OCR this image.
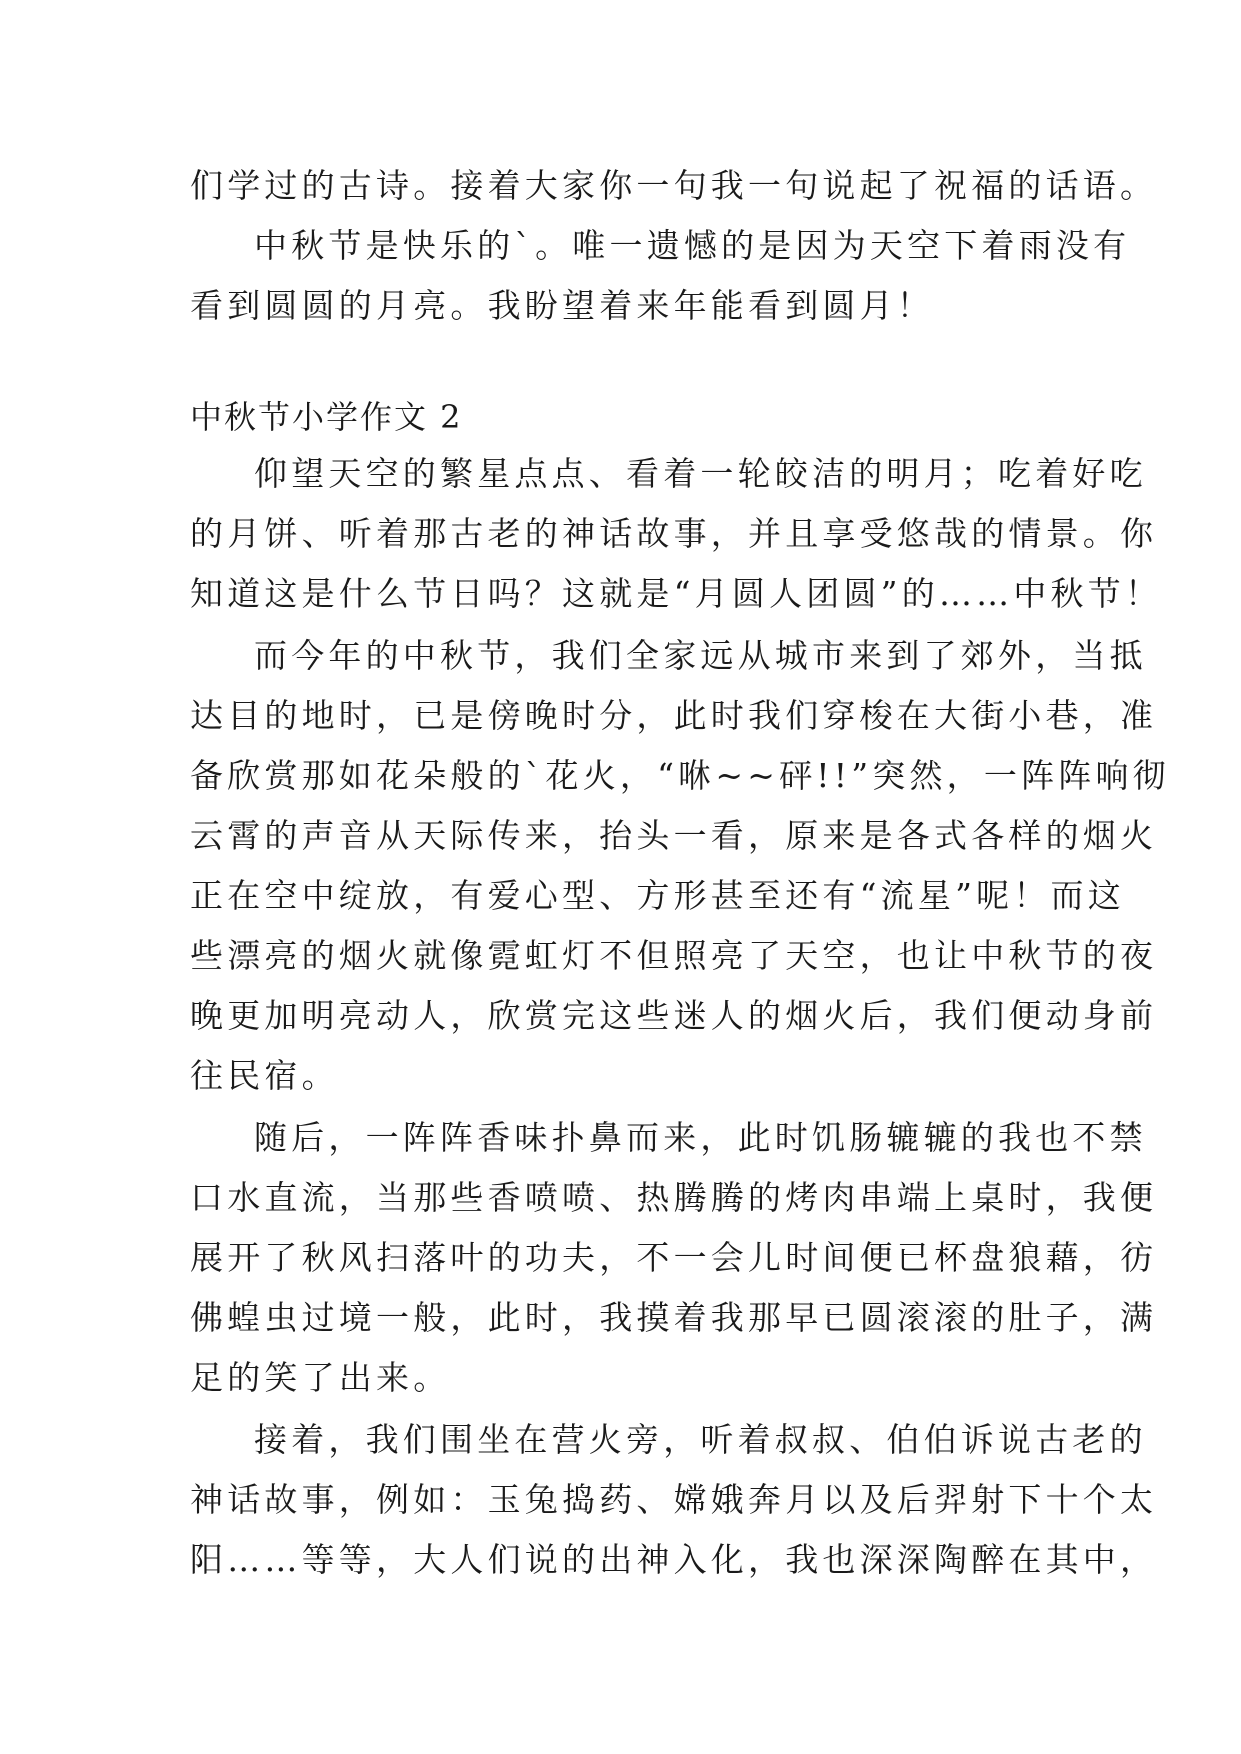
们学过的古诗。接着大家你一句我一句说起了祝福的话语。
中秋节是快乐的`。唯一遗憾的是因为天空下着雨没有
看到圆圆的月亮。我盼望着来年能看到圆月！
中秋节小学作文 2
仰望天空的繁星点点、看着一轮皎洁的明月；吃着好吃
的月饼、听着那古老的神话故事，并且享受悠哉的情景。你
知道这是什么节日吗？这就是“月圆人团圆”的……中秋节！
而今年的中秋节，我们全家远从城市来到了郊外，当抵
达目的地时，已是傍晚时分，此时我们穿梭在大街小巷，准
备欣赏那如花朵般的`花火，“咻~~砰!!”突然，一阵阵响彻
云霄的声音从天际传来，抬头一看，原来是各式各样的烟火
正在空中绽放，有爱心型、方形甚至还有“流星”呢！而这
些漂亮的烟火就像霓虹灯不但照亮了天空，也让中秋节的夜
晚更加明亮动人，欣赏完这些迷人的烟火后，我们便动身前
往民宿。
随后，一阵阵香味扑鼻而来，此时饥肠辘辘的我也不禁
口水直流，当那些香喷喷、热腾腾的烤肉串端上桌时，我便
展开了秋风扫落叶的功夫，不一会儿时间便已杯盘狼藉，彷
佛蝗虫过境一般，此时，我摸着我那早已圆滚滚的肚子，满
足的笑了出来。
接着，我们围坐在营火旁，听着叔叔、伯伯诉说古老的
神话故事，例如：玉兔捣药、嫦娥奔月以及后羿射下十个太
阳……等等，大人们说的出神入化，我也深深陶醉在其中，
